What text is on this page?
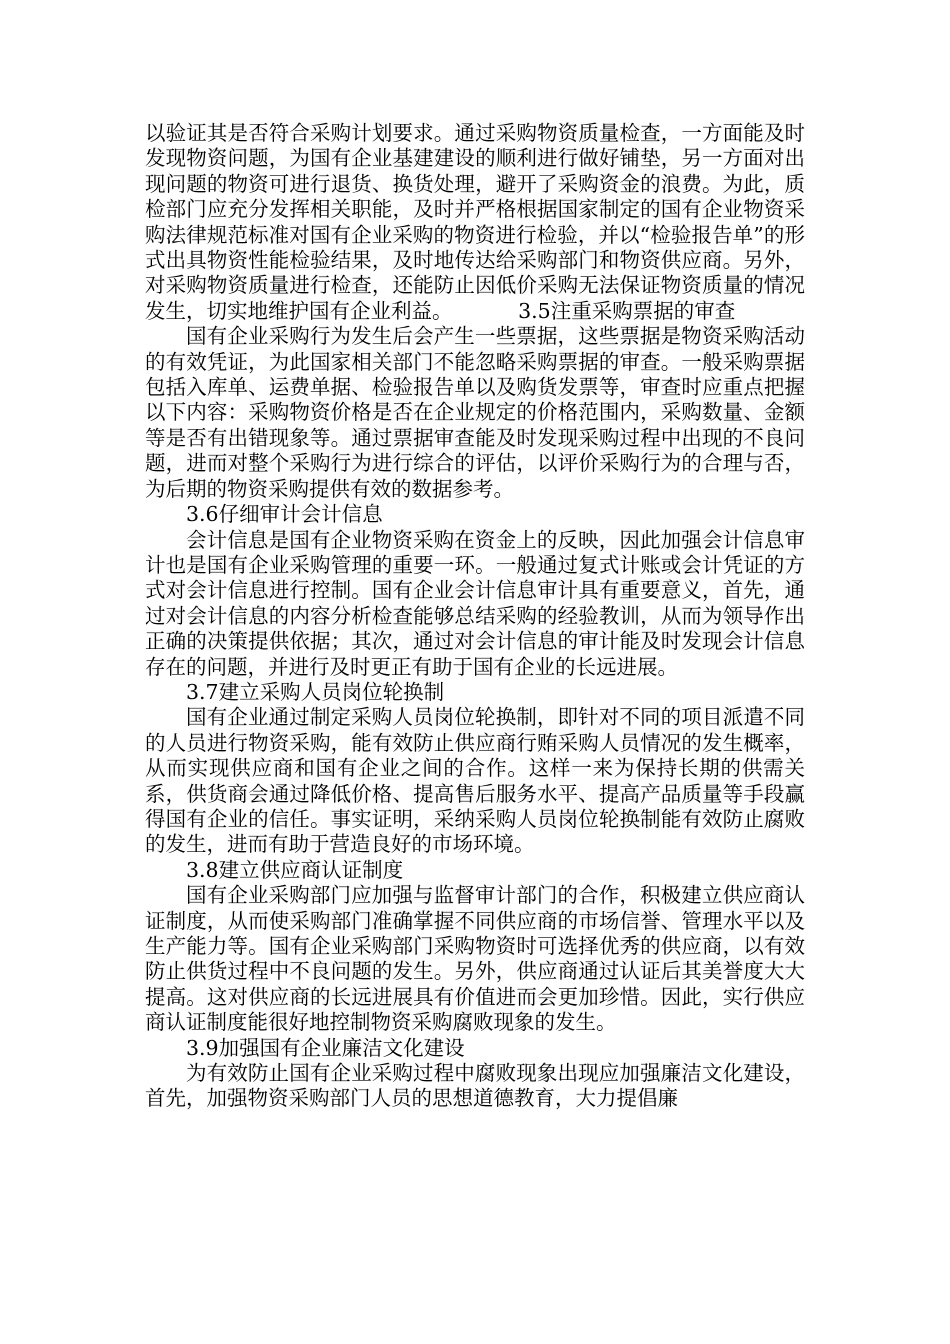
以验证其是否符合采购计划要求。通过采购物资质量检查，一方面能及时发现物资问题，为国有企业基建建设的顺利进行做好铺垫，另一方面对出现问题的物资可进行退货、换货处理，避开了采购资金的浪费。为此，质检部门应充分发挥相关职能，及时并严格根据国家制定的国有企业物资采购法律规范标准对国有企业采购的物资进行检验，并以“检验报告单”的形式出具物资性能检验结果，及时地传达给采购部门和物资供应商。另外，对采购物资质量进行检查，还能防止因低价采购无法保证物资质量的情况发生，切实地维护国有企业利益。	3.5注重采购票据的审查

国有企业采购行为发生后会产生一些票据，这些票据是物资采购活动的有效凭证，为此国家相关部门不能忽略采购票据的审查。一般采购票据包括入库单、运费单据、检验报告单以及购货发票等，审查时应重点把握以下内容：采购物资价格是否在企业规定的价格范围内，采购数量、金额等是否有出错现象等。通过票据审查能及时发现采购过程中出现的不良问题，进而对整个采购行为进行综合的评估，以评价采购行为的合理与否，为后期的物资采购提供有效的数据参考。

3.6仔细审计会计信息

会计信息是国有企业物资采购在资金上的反映，因此加强会计信息审计也是国有企业采购管理的重要一环。一般通过复式计账或会计凭证的方式对会计信息进行控制。国有企业会计信息审计具有重要意义，首先，通过对会计信息的内容分析检查能够总结采购的经验教训，从而为领导作出正确的决策提供依据；其次，通过对会计信息的审计能及时发现会计信息存在的问题，并进行及时更正有助于国有企业的长远进展。

3.7建立采购人员岗位轮换制

国有企业通过制定采购人员岗位轮换制，即针对不同的项目派遣不同的人员进行物资采购，能有效防止供应商行贿采购人员情况的发生概率，从而实现供应商和国有企业之间的合作。这样一来为保持长期的供需关系，供货商会通过降低价格、提高售后服务水平、提高产品质量等手段赢得国有企业的信任。事实证明，采纳采购人员岗位轮换制能有效防止腐败的发生，进而有助于营造良好的市场环境。

3.8建立供应商认证制度

国有企业采购部门应加强与监督审计部门的合作，积极建立供应商认证制度，从而使采购部门准确掌握不同供应商的市场信誉、管理水平以及生产能力等。国有企业采购部门采购物资时可选择优秀的供应商，以有效防止供货过程中不良问题的发生。另外，供应商通过认证后其美誉度大大提高。这对供应商的长远进展具有价值进而会更加珍惜。因此，实行供应商认证制度能很好地控制物资采购腐败现象的发生。

3.9加强国有企业廉洁文化建设

为有效防止国有企业采购过程中腐败现象出现应加强廉洁文化建设，首先，加强物资采购部门人员的思想道德教育，大力提倡廉
